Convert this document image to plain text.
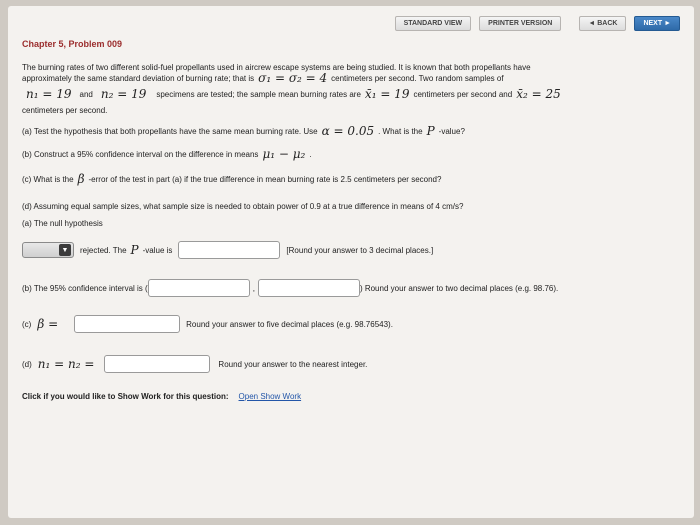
STANDARD VIEW	PRINTER VERSION	◄ BACK	NEXT ►
Chapter 5, Problem 009
The burning rates of two different solid-fuel propellants used in aircrew escape systems are being studied. It is known that both propellants have
approximately the same standard deviation of burning rate; that is σ₁ = σ₂ = 4 centimeters per second. Two random samples of
n₁ = 19 and n₂ = 19 specimens are tested; the sample mean burning rates are x̄₁ = 19 centimeters per second and x̄₂ = 25
centimeters per second.
(a) Test the hypothesis that both propellants have the same mean burning rate. Use α = 0.05 . What is the P -value?
(b) Construct a 95% confidence interval on the difference in means μ₁ − μ₂ .
(c) What is the β -error of the test in part (a) if the true difference in mean burning rate is 2.5 centimeters per second?
(d) Assuming equal sample sizes, what sample size is needed to obtain power of 0.9 at a true difference in means of 4 cm/s?
(a) The null hypothesis
▼	rejected. The P -value is	[Round your answer to 3 decimal places.]
(b) The 95% confidence interval is (	,	) Round your answer to two decimal places (e.g. 98.76).
(c) β =	Round your answer to five decimal places (e.g. 98.76543).
(d) n₁ = n₂ =	Round your answer to the nearest integer.
Click if you would like to Show Work for this question: Open Show Work
